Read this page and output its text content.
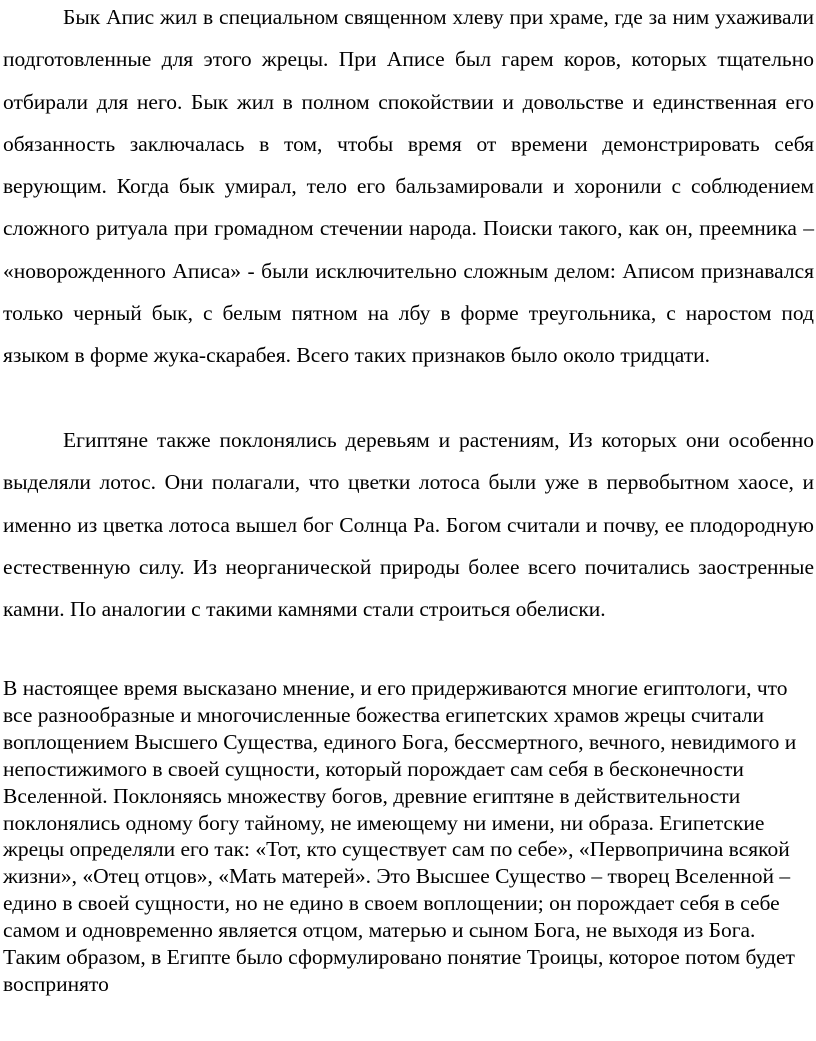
Бык Апис жил в специальном священном хлеву при храме, где за ним ухаживали подготовленные для этого жрецы. При Аписе был гарем коров, которых тщательно отбирали для него. Бык жил в полном спокойствии и довольстве и единственная его обязанность заключалась в том, чтобы время от времени демонстрировать себя верующим. Когда бык умирал, тело его бальзамировали и хоронили с соблюдением сложного ритуала при громадном стечении народа. Поиски такого, как он, преемника – «новорожденного Аписа» - были исключительно сложным делом: Аписом признавался только черный бык, с белым пятном на лбу в форме треугольника, с наростом под языком в форме жука-скарабея. Всего таких признаков было около тридцати.

Египтяне также поклонялись деревьям и растениям, Из которых они особенно выделяли лотос. Они полагали, что цветки лотоса были уже в первобытном хаосе, и именно из цветка лотоса вышел бог Солнца Ра. Богом считали и почву, ее плодородную естественную силу. Из неорганической природы более всего почитались заостренные камни. По аналогии с такими камнями стали строиться обелиски.

В настоящее время высказано мнение, и его придерживаются многие египтологи, что все разнообразные и многочисленные божества египетских храмов жрецы считали воплощением Высшего Существа, единого Бога, бессмертного, вечного, невидимого и непостижимого в своей сущности, который порождает сам себя в бесконечности Вселенной. Поклоняясь множеству богов, древние египтяне в действительности поклонялись одному богу тайному, не имеющему ни имени, ни образа. Египетские жрецы определяли его так: «Тот, кто существует сам по себе», «Первопричина всякой жизни», «Отец отцов», «Мать матерей». Это Высшее Существо – творец Вселенной – едино в своей сущности, но не едино в своем воплощении; он порождает себя в себе самом и одновременно является отцом, матерью и сыном Бога, не выходя из Бога. Таким образом, в Египте было сформулировано понятие Троицы, которое потом будет воспринято
